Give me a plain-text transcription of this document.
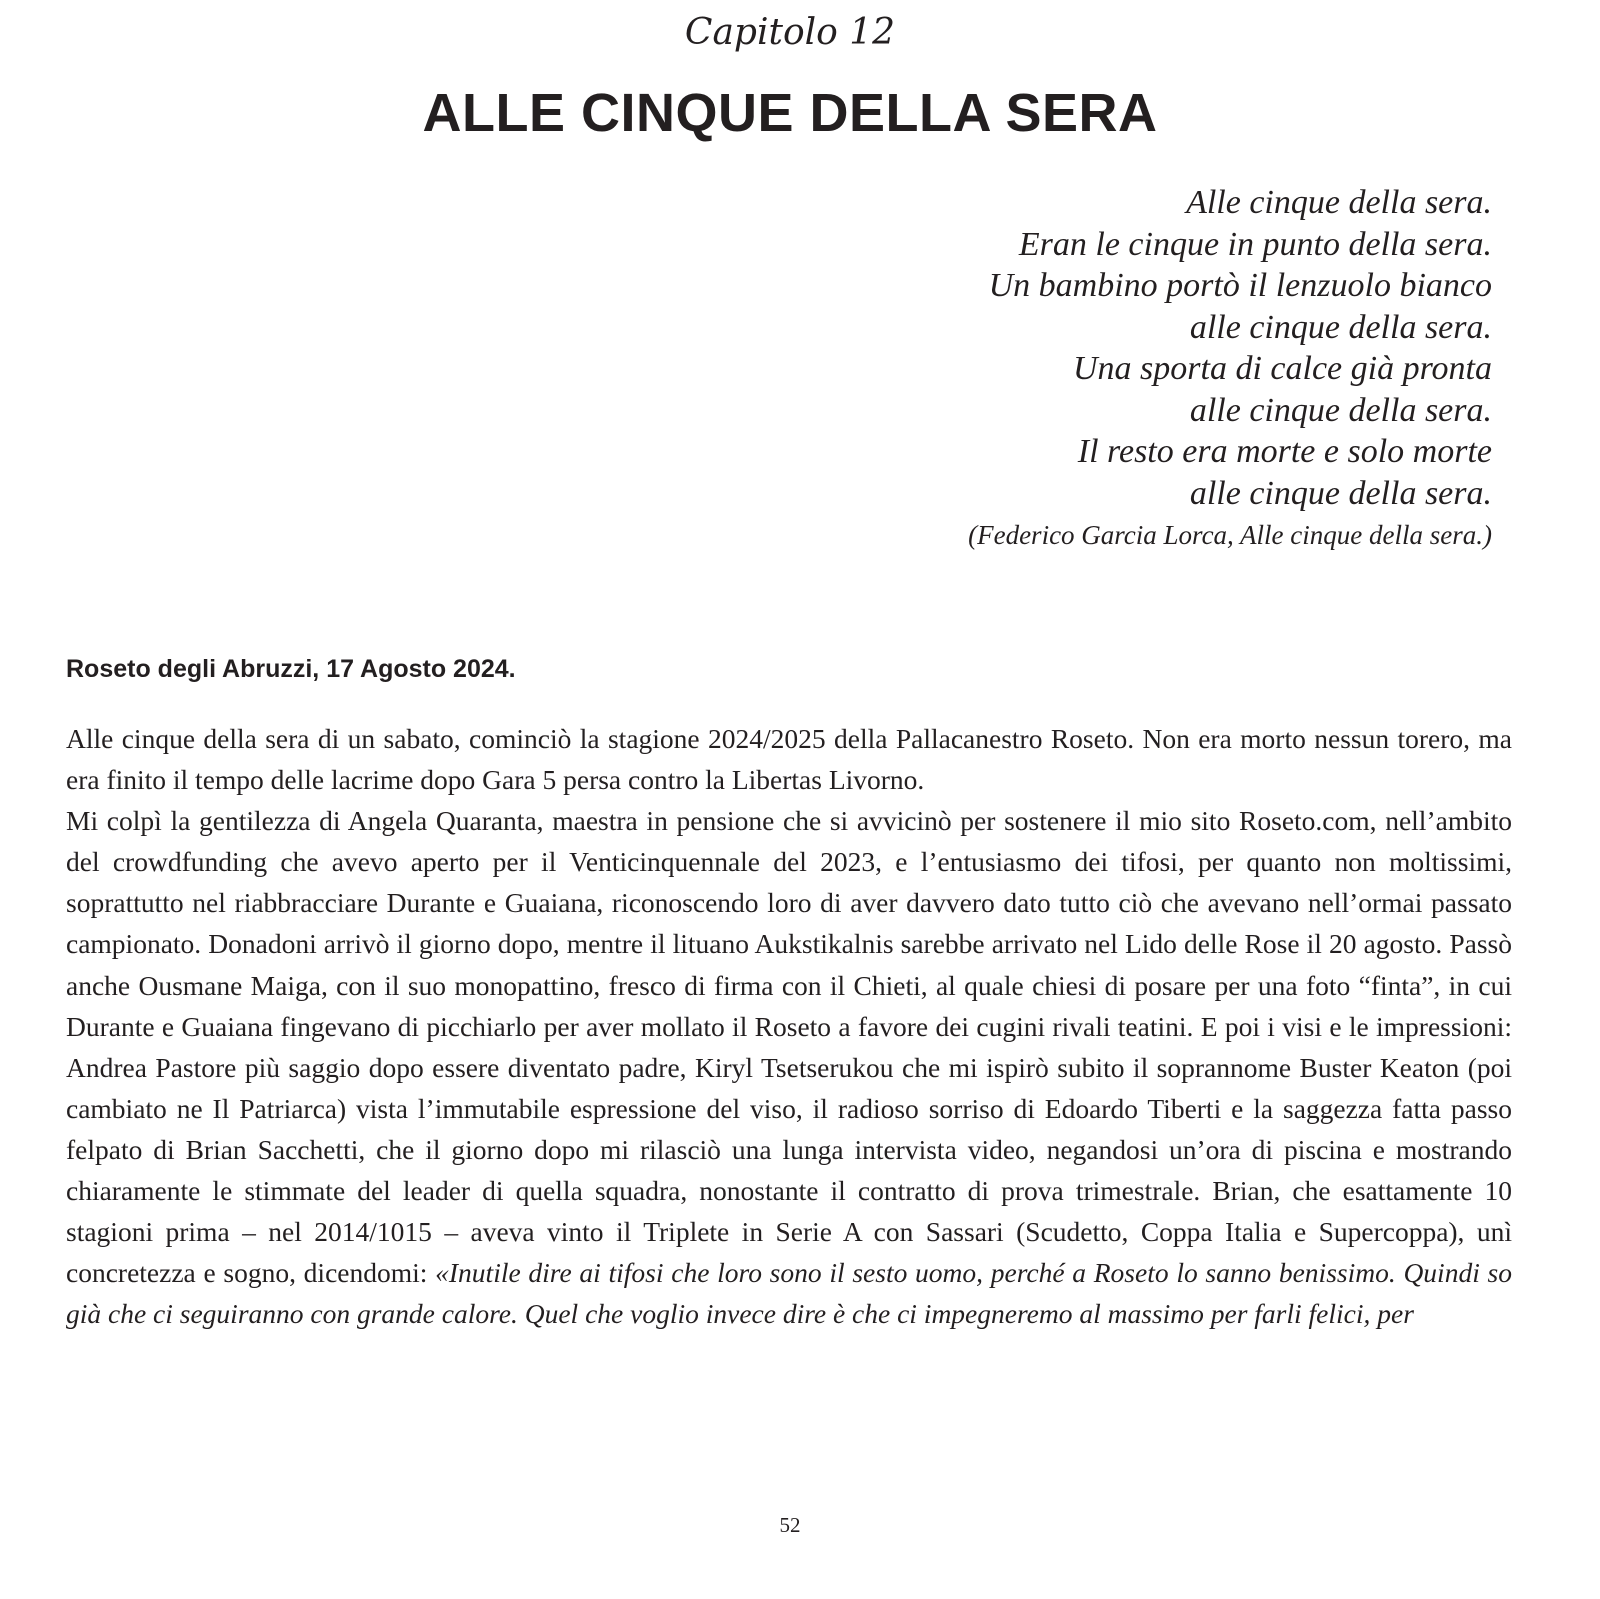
Capitolo 12
ALLE CINQUE DELLA SERA
Alle cinque della sera.
Eran le cinque in punto della sera.
Un bambino portò il lenzuolo bianco
alle cinque della sera.
Una sporta di calce già pronta
alle cinque della sera.
Il resto era morte e solo morte
alle cinque della sera.
(Federico Garcia Lorca, Alle cinque della sera.)
Roseto degli Abruzzi, 17 Agosto 2024.

Alle cinque della sera di un sabato, cominciò la stagione 2024/2025 della Pallacanestro Roseto. Non era morto nessun torero, ma era finito il tempo delle lacrime dopo Gara 5 persa contro la Libertas Livorno.

Mi colpì la gentilezza di Angela Quaranta, maestra in pensione che si avvicinò per sostenere il mio sito Roseto.com, nell’ambito del crowdfunding che avevo aperto per il Venticinquennale del 2023, e l’entusiasmo dei tifosi, per quanto non moltissimi, soprattutto nel riabbracciare Durante e Guaiana, riconoscendo loro di aver davvero dato tutto ciò che avevano nell’ormai passato campionato. Donadoni arrivò il giorno dopo, mentre il lituano Aukstikalnis sarebbe arrivato nel Lido delle Rose il 20 agosto. Passò anche Ousmane Maiga, con il suo monopattino, fresco di firma con il Chieti, al quale chiesi di posare per una foto “finta”, in cui Durante e Guaiana fingevano di picchiarlo per aver mollato il Roseto a favore dei cugini rivali teatini. E poi i visi e le impressioni: Andrea Pastore più saggio dopo essere diventato padre, Kiryl Tsetserukou che mi ispirò subito il soprannome Buster Keaton (poi cambiato ne Il Patriarca) vista l’immutabile espressione del viso, il radioso sorriso di Edoardo Tiberti e la saggezza fatta passo felpato di Brian Sacchetti, che il giorno dopo mi rilasciò una lunga intervista video, negandosi un’ora di piscina e mostrando chiaramente le stimmate del leader di quella squadra, nonostante il contratto di prova trimestrale. Brian, che esattamente 10 stagioni prima – nel 2014/1015 – aveva vinto il Triplete in Serie A con Sassari (Scudetto, Coppa Italia e Supercoppa), unì concretezza e sogno, dicendomi: «Inutile dire ai tifosi che loro sono il sesto uomo, perché a Roseto lo sanno benissimo. Quindi so già che ci seguiranno con grande calore. Quel che voglio invece dire è che ci impegneremo al massimo per farli felici, per

52
